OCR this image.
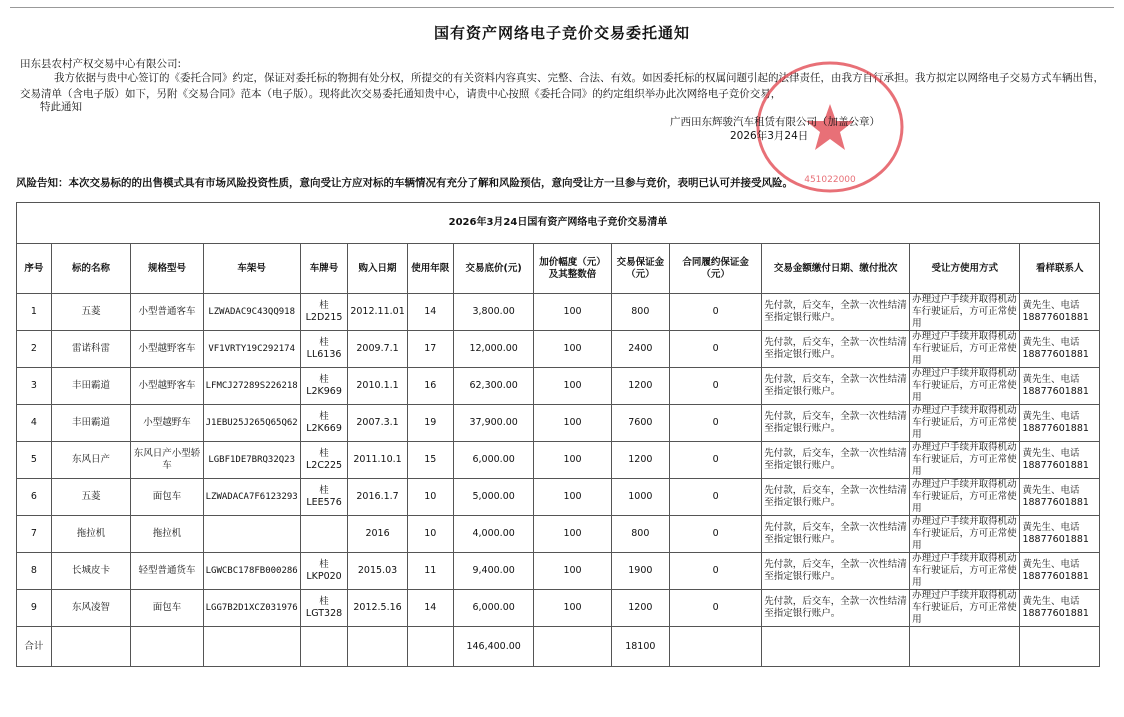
国有资产网络电子竞价交易委托通知
田东县农村产权交易中心有限公司:
我方依据与贵中心签订的《委托合同》约定，保证对委托标的物拥有处分权，所提交的有关资料内容真实、完整、合法、有效。如因委托标的权属问题引起的法律责任，由我方自行承担。我方拟定以网络电子交易方式车辆出售，交易清单（含电子版）如下，另附《交易合同》范本（电子版）。现将此次交易委托通知贵中心，请贵中心按照《委托合同》的约定组织举办此次网络电子竞价交易，
特此通知
451022000
广西田东辉骏汽车租赁有限公司（加盖公章）
2026年3月24日
风险告知：本次交易标的的出售模式具有市场风险投资性质，意向受让方应对标的车辆情况有充分了解和风险预估，意向受让方一旦参与竞价，表明已认可并接受风险。
2026年3月24日国有资产网络电子竞价交易清单													
序号	标的名称	规格型号	车架号	车牌号	购入日期	使用年限	交易底价(元)	加价幅度（元）及其整数倍	交易保证金（元）	合同履约保证金（元）	交易金额缴付日期、缴付批次	受让方使用方式	看样联系人
1	五菱	小型普通客车	LZWADAC9C43QQ918	桂L2D215	2012.11.01	14	3,800.00	100	800	0	先付款，后交车，全款一次性结清至指定银行账户。	办理过户手续并取得机动车行驶证后，方可正常使用	黄先生、电话18877601881
2	雷诺科雷	小型越野客车	VF1VRTY19C292174	桂LL6136	2009.7.1	17	12,000.00	100	2400	0	先付款，后交车，全款一次性结清至指定银行账户。	办理过户手续并取得机动车行驶证后，方可正常使用	黄先生、电话18877601881
3	丰田霸道	小型越野客车	LFMCJ27289S226218	桂L2K969	2010.1.1	16	62,300.00	100	1200	0	先付款，后交车，全款一次性结清至指定银行账户。	办理过户手续并取得机动车行驶证后，方可正常使用	黄先生、电话18877601881
4	丰田霸道	小型越野车	J1EBU25J265Q65Q62	桂L2K669	2007.3.1	19	37,900.00	100	7600	0	先付款，后交车，全款一次性结清至指定银行账户。	办理过户手续并取得机动车行驶证后，方可正常使用	黄先生、电话18877601881
5	东风日产	东风日产小型轿车	LGBF1DE7BRQ32Q23	桂L2C225	2011.10.1	15	6,000.00	100	1200	0	先付款，后交车，全款一次性结清至指定银行账户。	办理过户手续并取得机动车行驶证后，方可正常使用	黄先生、电话18877601881
6	五菱	面包车	LZWADACA7F6123293	桂LEE576	2016.1.7	10	5,000.00	100	1000	0	先付款，后交车，全款一次性结清至指定银行账户。	办理过户手续并取得机动车行驶证后，方可正常使用	黄先生、电话18877601881
7	拖拉机	拖拉机			2016	10	4,000.00	100	800	0	先付款，后交车，全款一次性结清至指定银行账户。	办理过户手续并取得机动车行驶证后，方可正常使用	黄先生、电话18877601881
8	长城皮卡	轻型普通货车	LGWCBC178FB000286	桂LKP020	2015.03	11	9,400.00	100	1900	0	先付款，后交车，全款一次性结清至指定银行账户。	办理过户手续并取得机动车行驶证后，方可正常使用	黄先生、电话18877601881
9	东风凌智	面包车	LGG7B2D1XCZ031976	桂LGT328	2012.5.16	14	6,000.00	100	1200	0	先付款，后交车，全款一次性结清至指定银行账户。	办理过户手续并取得机动车行驶证后，方可正常使用	黄先生、电话18877601881
合计							146,400.00		18100				
